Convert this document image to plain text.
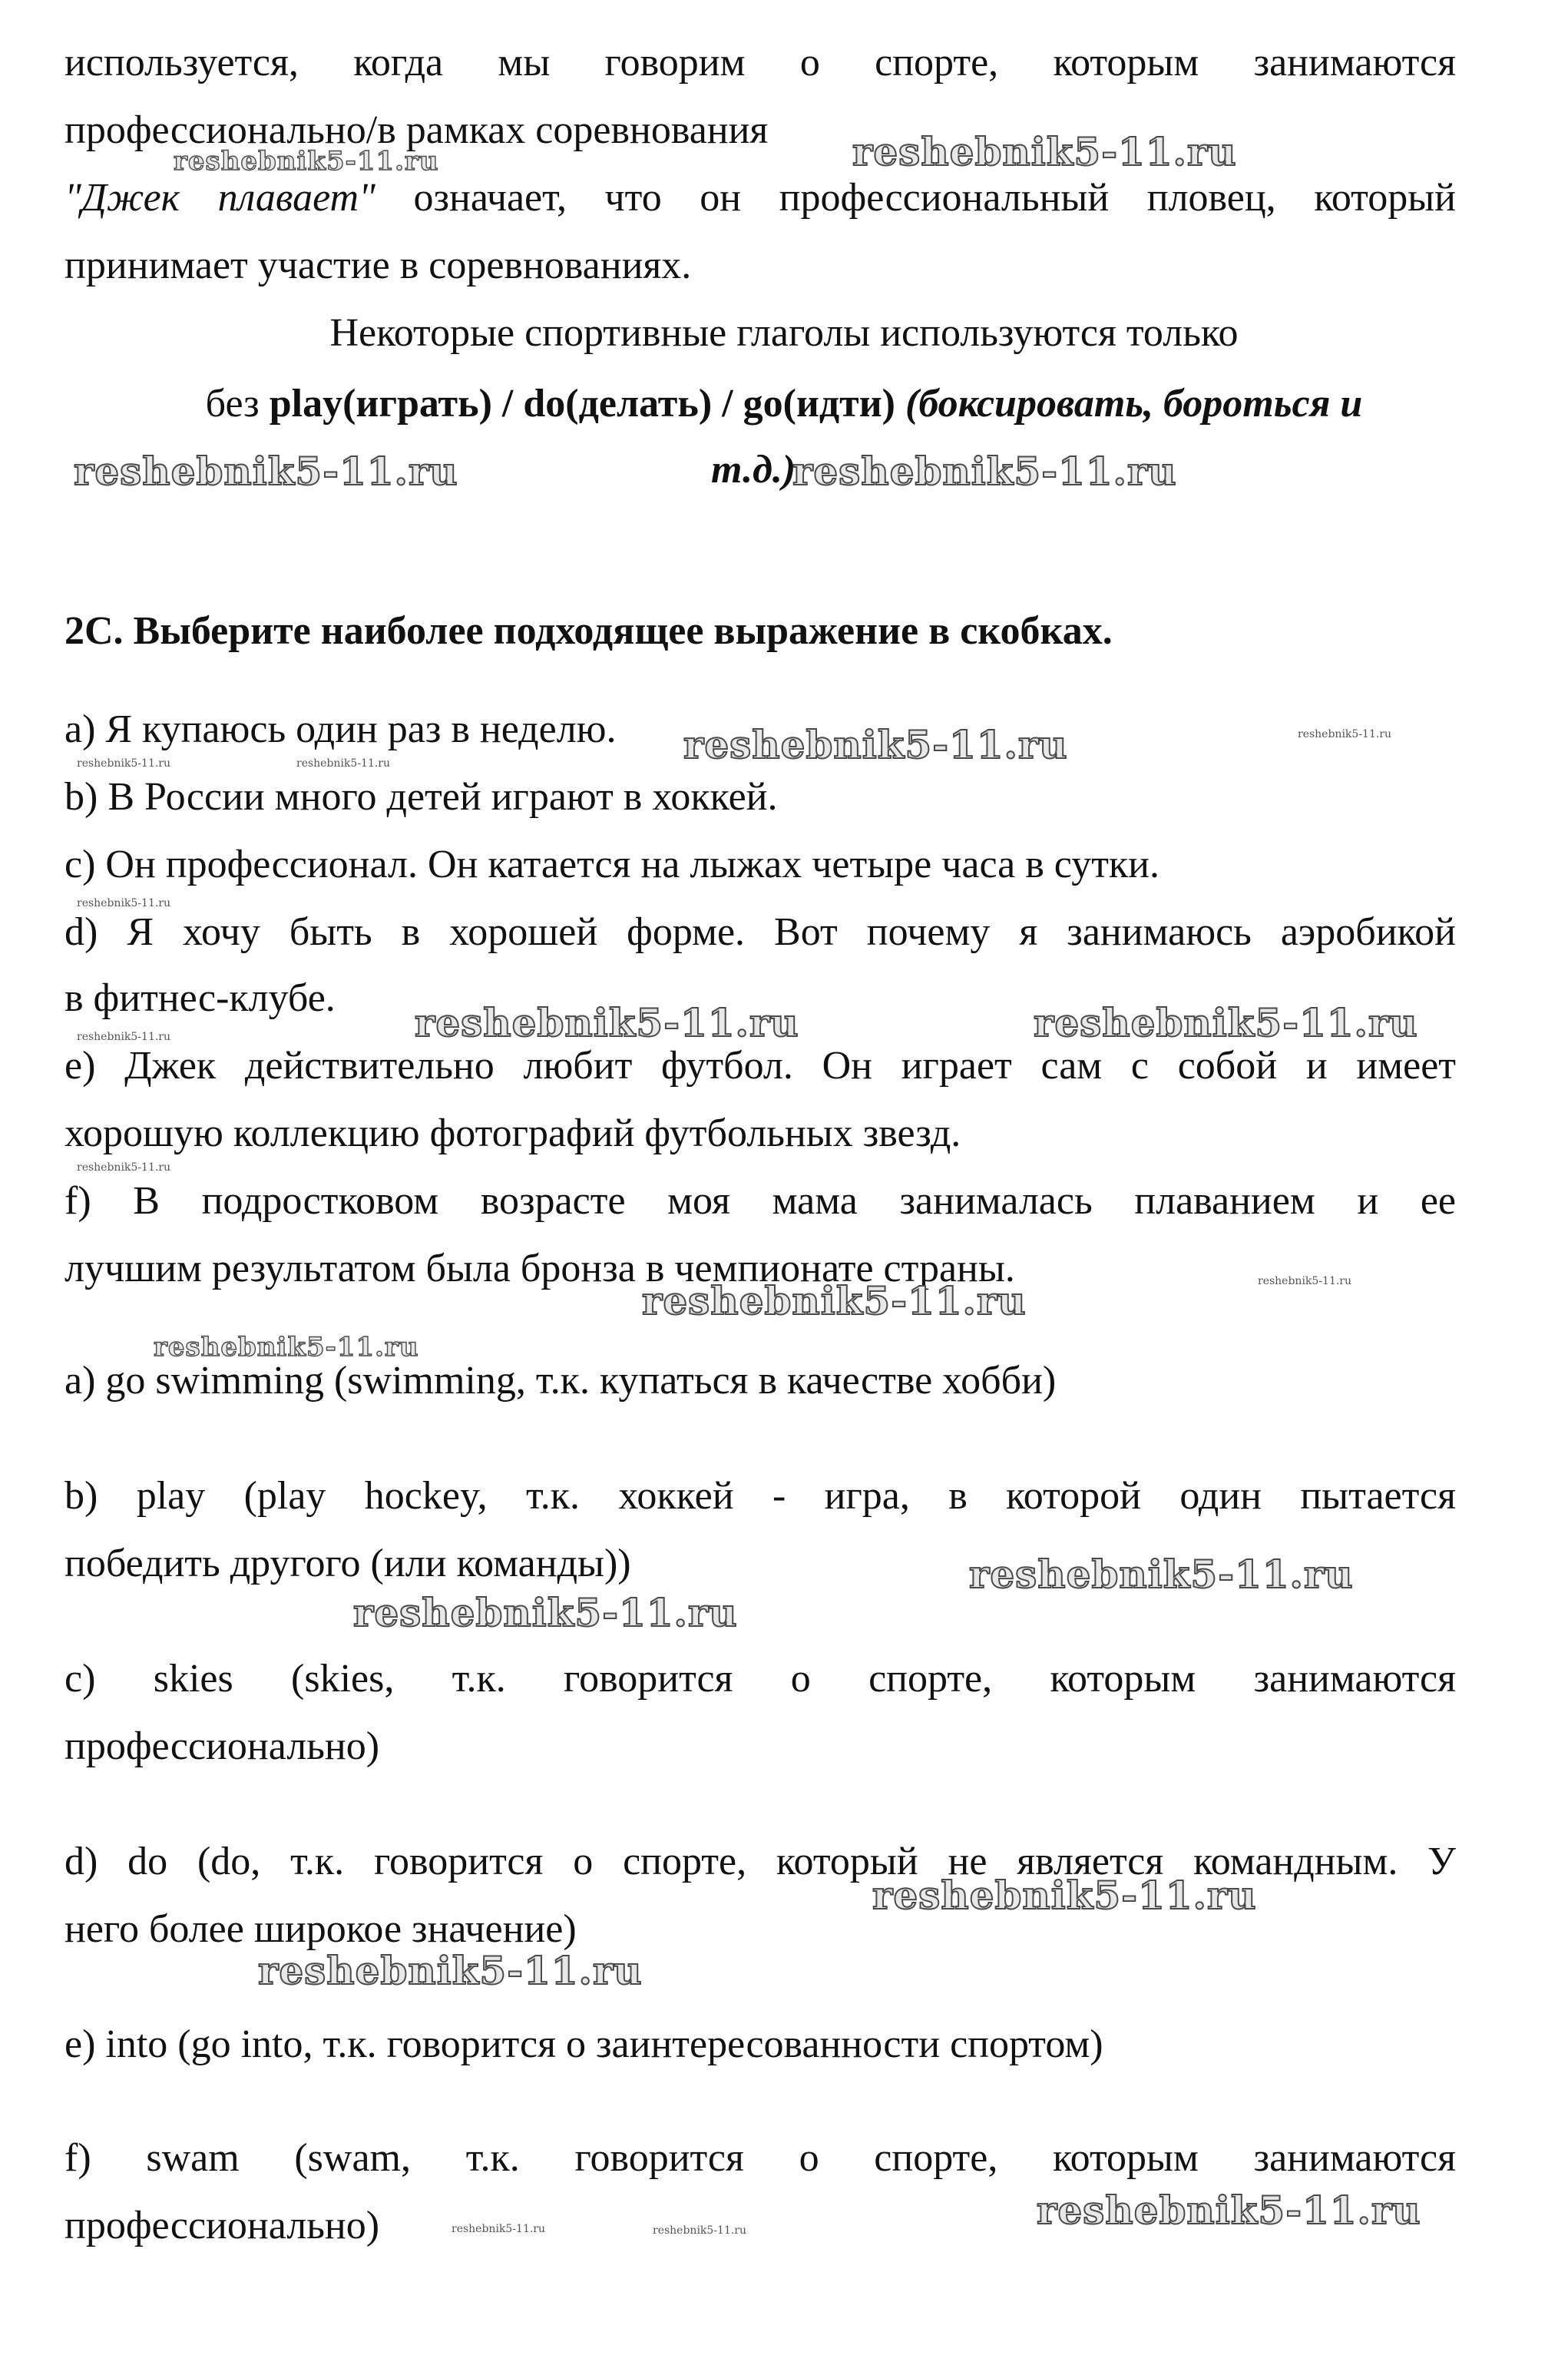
используется, когда мы говорим о спорте, которым занимаются
профессионально/в рамках соревнования
"Джек плавает" означает, что он профессиональный пловец, который
принимает участие в соревнованиях.
Некоторые спортивные глаголы используются только
без play(играть) / do(делать) / go(идти) (боксировать, бороться и
т.д.)
2С. Выберите наиболее подходящее выражение в скобках.
a) Я купаюсь один раз в неделю.
b) В России много детей играют в хоккей.
c) Он профессионал. Он катается на лыжах четыре часа в сутки.
d) Я хочу быть в хорошей форме. Вот почему я занимаюсь аэробикой
в фитнес-клубе.
e) Джек действительно любит футбол. Он играет сам с собой и имеет
хорошую коллекцию фотографий футбольных звезд.
f) В подростковом возрасте моя мама занималась плаванием и ее
лучшим результатом была бронза в чемпионате страны.
a) go swimming (swimming, т.к. купаться в качестве хобби)
b) play (play hockey, т.к. хоккей - игра, в которой один пытается
победить другого (или команды))
c) skies (skies, т.к. говорится о спорте, которым занимаются
профессионально)
d) do (do, т.к. говорится о спорте, который не является командным. У
него более широкое значение)
e) into (go into, т.к. говорится о заинтересованности спортом)
f) swam (swam, т.к. говорится о спорте, которым занимаются
профессионально)
reshebnik5-11.ru
reshebnik5-11.ru
reshebnik5-11.ru	reshebnik5-11.ru
reshebnik5-11.ru	reshebnik5-11.ru
reshebnik5-11.ru	reshebnik5-11.ru
reshebnik5-11.ru
reshebnik5-11.ru	reshebnik5-11.ru
reshebnik5-11.ru
reshebnik5-11.ru
reshebnik5-11.ru	reshebnik5-11.ru
reshebnik5-11.ru
reshebnik5-11.ru
reshebnik5-11.ru
reshebnik5-11.ru
reshebnik5-11.ru
reshebnik5-11.ru
reshebnik5-11.ru	reshebnik5-11.ru
